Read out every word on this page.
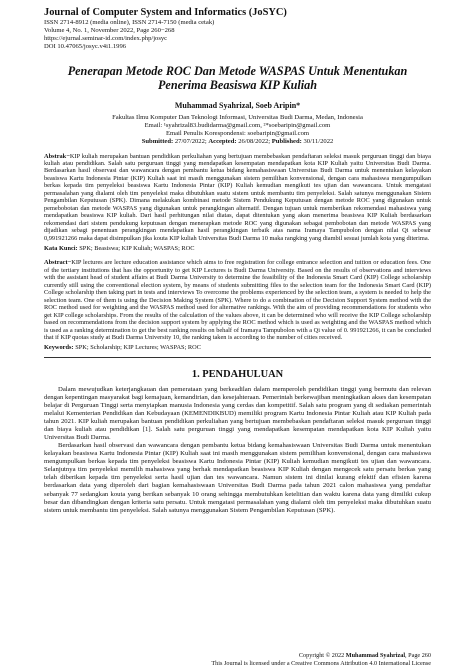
Journal of Computer System and Informatics (JoSYC)

ISSN 2714-8912 (media online), ISSN 2714-7150 (media cetak)

Volume 4, No. 1, November 2022, Page 260−268

https://ejurnal.seminar-id.com/index.php/josyc

DOI 10.47065/josyc.v4i1.1996

Penerapan Metode ROC Dan Metode WASPAS Untuk Menentukan
Penerima Beasiswa KIP Kuliah

Muhammad Syahrizal, Soeb Aripin*

Fakultas Ilmu Komputer Dan Teknologi Informasi, Universitas Budi Darma, Medan, Indonesia

Email: ¹syahrizal83.budidarma@gmail.com, ²*soebaripin@gmail.com

Email Penulis Korespondensi: soebaripin@gmail.com

Submitted: 27/07/2022; Accepted: 26/08/2022; Published: 30/11/2022

Abstrak−KIP kuliah merupakan bantuan pendidikan perkuliahan yang bertujuan membebaskan pendaftaran seleksi masuk perguruan tinggi dan biaya kuliah atau pendidikan. Salah satu perguruan tinggi yang mendapatkan kesempatan mendapatkan kota KIP Kuliah yaitu Universitas Budi Darma. Berdasarkan hasil observasi dan wawancara dengan pembantu ketua bidang kemahasiswaan Universitas Budi Darma untuk menentukan kelayakan beasiswa Kartu Indonesia Pintar (KIP) Kuliah saat ini masih menggunakan sistem pemilihan konvensional, dengan cara mahasiswa mengumpulkan berkas kepada tim penyeleksi beasiswa Kartu Indonesia Pintar (KIP) Kuliah kemudian mengikuti tes ujian dan wawancara. Untuk mengatasi permasalahan yang dialami oleh tim penyeleksi maka dibutuhkan suatu sistem untuk membantu tim penyeleksi. Salah satunya menggunakan Sistem Pengambilan Keputusan (SPK). Dimana melakukan kombinasi metode Sistem Pendukung Keputusan dengan metode ROC yang digunakan untuk pemebobotan dan metode WASPAS yang digunakan untuk perangkingan alternatif. Dengan tujuan untuk memberikan rekomendasi mahasiswa yang mendapatkan beasiswa KIP kuliah. Dari hasil perhitungan nilai diatas, dapat ditentukan yang akan menerima beasiswa KIP Kuliah berdasarkan rekomendasi dari sistem pendukung keputusan dengan menerapkan metode ROC yang digunakan sebagai pembobotan dan metode WASPAS yang dijadikan sebagi penentuan perangkingan mendapatkan hasil perangkingan terbaik atas nama Iramaya Tampubolon dengan nilai Qi sebesar 0,991921266 maka dapat disimpulkan jika kouta KIP kuliah Universitas Budi Darma 10 maka rangking yang diambil sesuai jumlah kota yang diterima.

Kata Kunci: SPK; Beasiswa; KIP Kuliah; WASPAS; ROC

Abstract−KIP lectures are lecture education assistance which aims to free registration for college entrance selection and tuition or education fees. One of the tertiary institutions that has the opportunity to get KIP Lectures is Budi Darma University. Based on the results of observations and interviews with the assistant head of student affairs at Budi Darma University to determine the feasibility of the Indonesia Smart Card (KIP) College scholarship currently still using the conventional election system, by means of students submitting files to the selection team for the Indonesia Smart Card (KIP) College scholarship then taking part in tests and interviews To overcome the problems experienced by the selection team, a system is needed to help the selection team. One of them is using the Decision Making System (SPK). Where to do a combination of the Decision Support System method with the ROC method used for weighting and the WASPAS method used for alternative rankings. With the aim of providing recommendations for students who get KIP college scholarships. From the results of the calculation of the values above, it can be determined who will receive the KIP College scholarship based on recommendations from the decision support system by applying the ROC method which is used as weighting and the WASPAS method which is used as a ranking determination to get the best ranking results on behalf of Iramaya Tampubolon with a Qi value of 0. 991921266, it can be concluded that if KIP quotas study at Budi Darma University 10, the ranking taken is according to the number of cities received.

Keywords: SPK; Scholarship; KIP Lectures; WASPAS; ROC

1. PENDAHULUAN

Dalam mewujudkan keterjangkauan dan pemerataan yang berkeadilan dalam memperoleh pendidikan tinggi yang bermutu dan relevan dengan kepentingan masyarakat bagi kemajuan, kemandirian, dan kesejahteraan. Pemerintah berkewajiban meningkatkan akses dan kesempatan belajar di Perguruan Tinggi serta menyiapkan manusia Indonesia yang cerdas dan kompetitif. Salah satu program yang di sediakan pemerintah melalui Kementerian Pendidikan dan Kebudayaan (KEMENDIKBUD) memiliki program Kartu Indonesia Pintar Kuliah atau KIP Kuliah pada tahun 2021. KIP kuliah merupakan bantuan pendidikan perkuliahan yang bertujuan membebaskan pendaftaran seleksi masuk perguruan tinggi dan biaya kuliah atau pendidikan [1]. Salah satu perguruan tinggi yang mendapatkan kesempatan mendapatkan kota KIP Kuliah yaitu Universitas Budi Darma.

Berdasarkan hasil observasi dan wawancara dengan pembantu ketua bidang kemahasiswaan Universitas Budi Darma untuk menentukan kelayakan beasiswa Kartu Indonesia Pintar (KIP) Kuliah saat ini masih menggunakan sistem pemilihan konvensional, dengan cara mahasiswa mengumpulkan berkas kepada tim penyeleksi beasiswa Kartu Indonesia Pintar (KIP) Kuliah kemudian mengikuti tes ujian dan wawancara. Selanjutnya tim penyeleksi memilih mahasiswa yang berhak mendapatkan beasiswa KIP Kuliah dengan mengecek satu persatu berkas yang telah diberikan kepada tim penyeleksi serta hasil ujian dan tes wawancara. Namun sistem ini dinilai kurang efektif dan efisien karena berdasarkan data yang diperoleh dari bagian kemahasiswaan Universitas Budi Darma pada tahun 2021 calon mahasiswa yang pendaftar sebanyak 77 sedangkan kouta yang berikan sebanyak 10 orang sehingga membutuhkan ketelitian dan waktu karena data yang dimiliki cukup besar dan dibandingkan dengan kriteria satu persatu. Untuk mengatasi permasalahan yang dialami oleh tim penyeleksi maka dibutuhkan suatu sistem untuk membantu tim penyeleksi. Salah satunya menggunakan Sistem Pengambilan Keputusan (SPK).

Copyright © 2022 Muhammad Syahrizal, Page 260

This Journal is licensed under a Creative Commons Attribution 4.0 International License
